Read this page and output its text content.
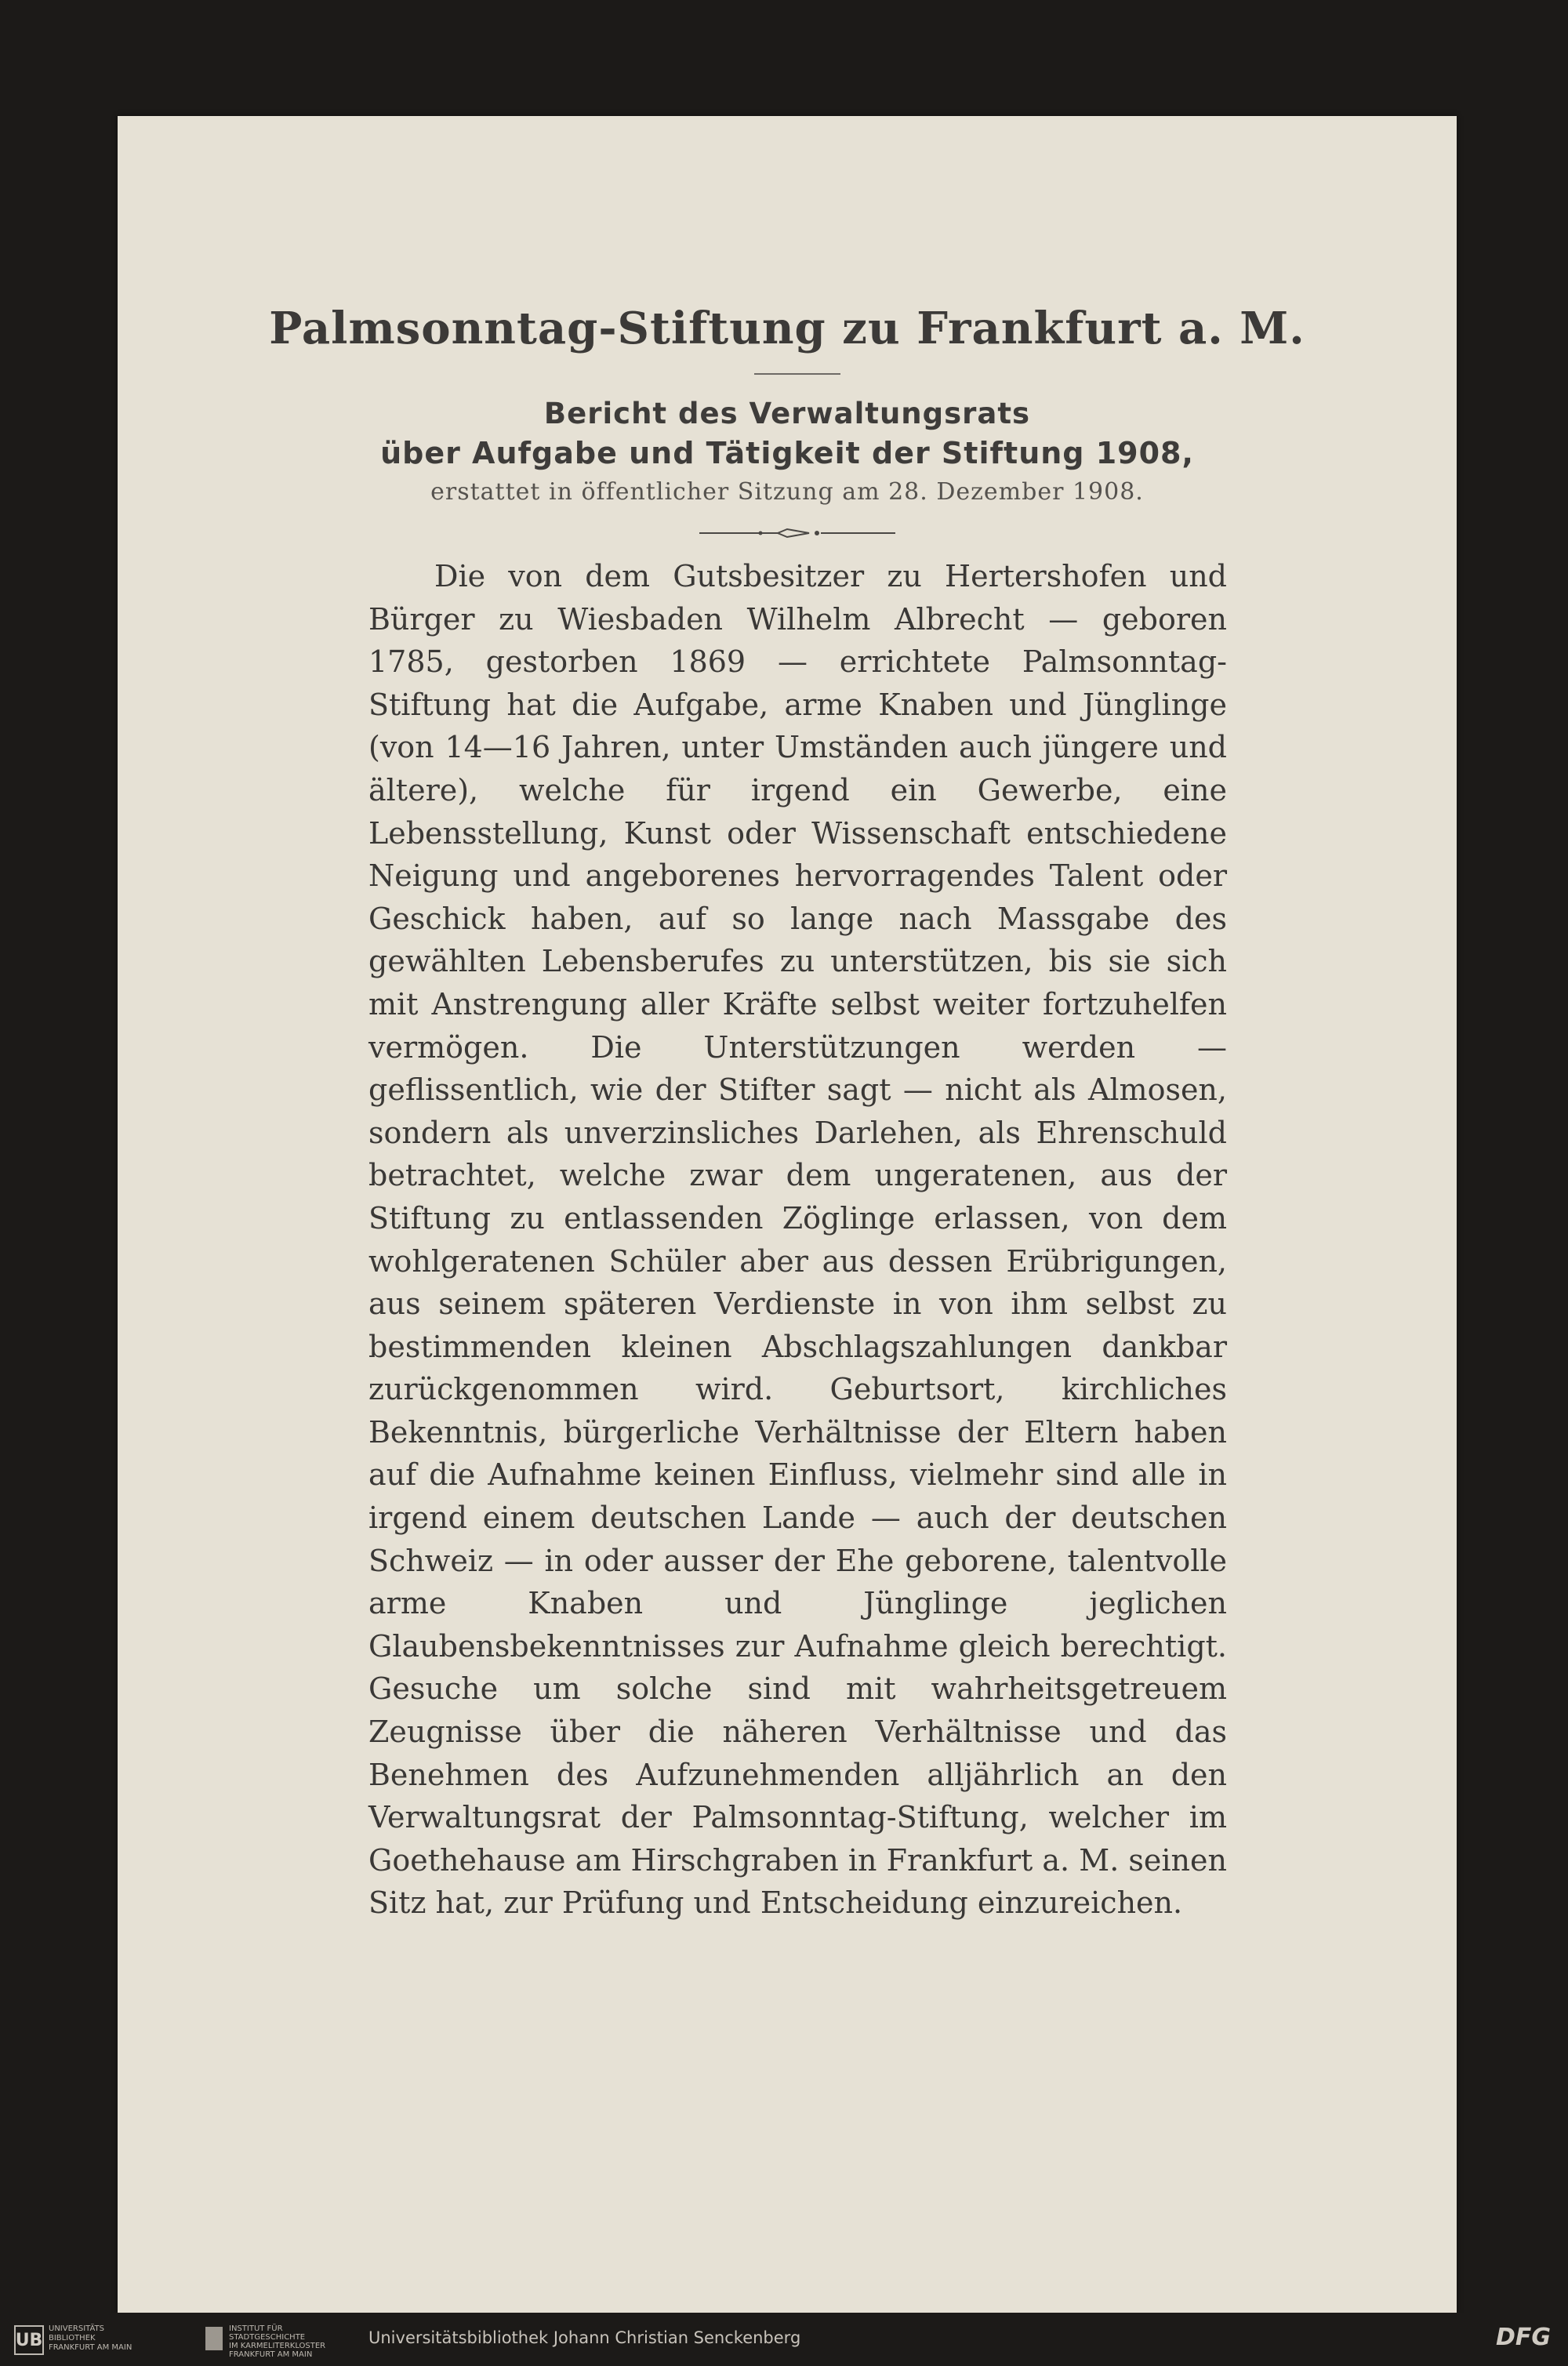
Palmsonntag-Stiftung zu Frankfurt a. M.
Bericht des Verwaltungsrats
über Aufgabe und Tätigkeit der Stiftung 1908,
erstattet in öffentlicher Sitzung am 28. Dezember 1908.

Die von dem Gutsbesitzer zu Hertershofen und Bürger zu Wiesbaden Wilhelm Albrecht — geboren 1785, gestorben 1869 — errichtete Palmsonntag-Stiftung hat die Aufgabe, arme Knaben und Jünglinge (von 14—16 Jahren, unter Umständen auch jüngere und ältere), welche für irgend ein Gewerbe, eine Lebensstellung, Kunst oder Wissenschaft entschiedene Neigung und angeborenes hervorragendes Talent oder Geschick haben, auf so lange nach Massgabe des gewählten Lebensberufes zu unterstützen, bis sie sich mit Anstrengung aller Kräfte selbst weiter fortzuhelfen vermögen. Die Unterstützungen werden — geflissentlich, wie der Stifter sagt — nicht als Almosen, sondern als unverzinsliches Darlehen, als Ehrenschuld betrachtet, welche zwar dem ungeratenen, aus der Stiftung zu entlassenden Zöglinge erlassen, von dem wohlgeratenen Schüler aber aus dessen Erübrigungen, aus seinem späteren Verdienste in von ihm selbst zu bestimmenden kleinen Abschlagszahlungen dankbar zurückgenommen wird. Geburtsort, kirchliches Bekenntnis, bürgerliche Verhältnisse der Eltern haben auf die Aufnahme keinen Einfluss, vielmehr sind alle in irgend einem deutschen Lande — auch der deutschen Schweiz — in oder ausser der Ehe geborene, talentvolle arme Knaben und Jünglinge jeglichen Glaubensbekenntnisses zur Aufnahme gleich berechtigt. Gesuche um solche sind mit wahrheitsgetreuem Zeugnisse über die näheren Verhältnisse und das Benehmen des Aufzunehmenden alljährlich an den Verwaltungsrat der Palmsonntag-Stiftung, welcher im Goethehause am Hirschgraben in Frankfurt a. M. seinen Sitz hat, zur Prüfung und Entscheidung einzureichen.

UB
UNIVERSITÄTS
BIBLIOTHEK
FRANKFURT AM MAIN
INSTITUT FÜR
STADTGESCHICHTE
IM KARMELITERKLOSTER
FRANKFURT AM MAIN
Universitätsbibliothek Johann Christian Senckenberg	DFG
